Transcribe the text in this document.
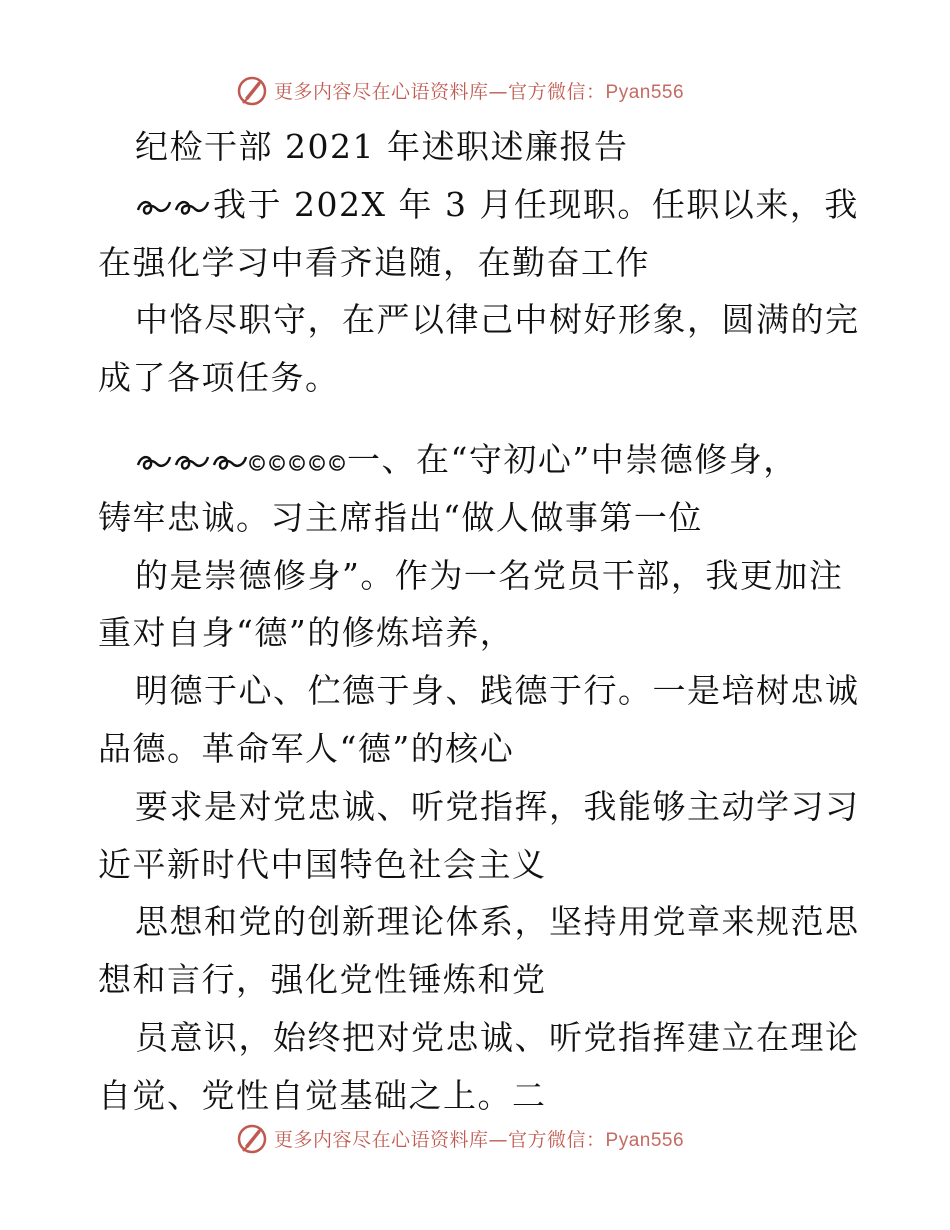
更多内容尽在心语资料库—官方微信：Pyan556
纪检干部 2021 年述职述廉报告
我于 202X 年 3 月任现职。任职以来，我
在强化学习中看齐追随，在勤奋工作
中恪尽职守，在严以律己中树好形象，圆满的完
成了各项任务。
一、在“守初心”中崇德修身，
铸牢忠诚。习主席指出“做人做事第一位
的是崇德修身”。作为一名党员干部，我更加注
重对自身“德”的修炼培养，
明德于心、伫德于身、践德于行。一是培树忠诚
品德。革命军人“德”的核心
要求是对党忠诚、听党指挥，我能够主动学习习
近平新时代中国特色社会主义
思想和党的创新理论体系，坚持用党章来规范思
想和言行，强化党性锤炼和党
员意识，始终把对党忠诚、听党指挥建立在理论
自觉、党性自觉基础之上。二
更多内容尽在心语资料库—官方微信：Pyan556
